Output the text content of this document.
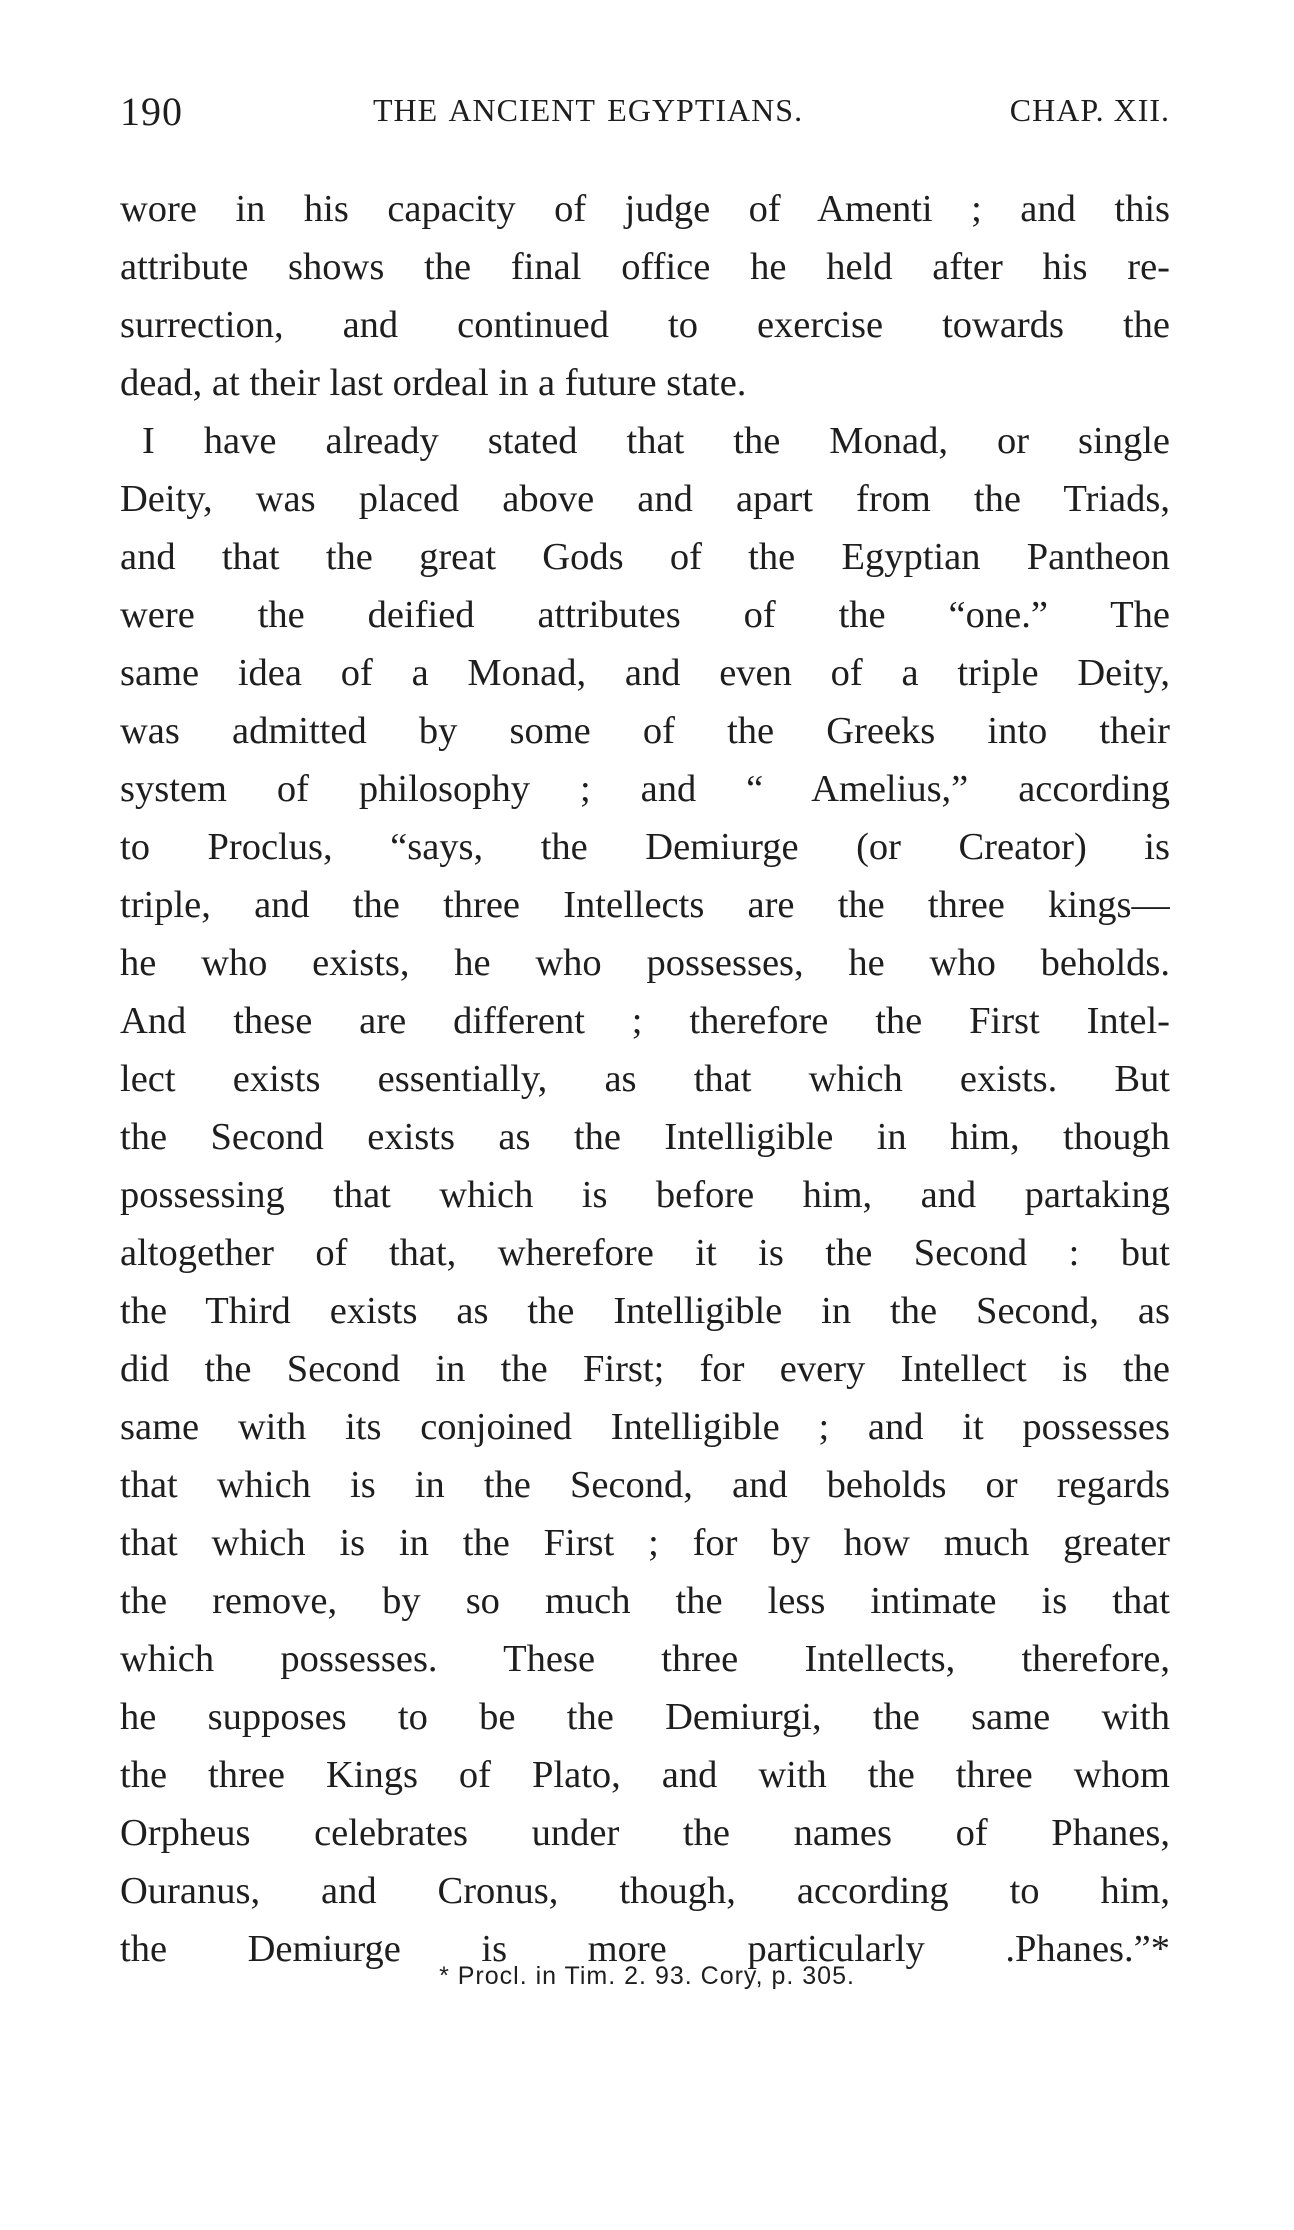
190	THE ANCIENT EGYPTIANS.	CHAP. XII.
wore in his capacity of judge of Amenti ; and this
attribute shows the final office he held after his re-
surrection, and continued to exercise towards the
dead, at their last ordeal in a future state.
I have already stated that the Monad, or single
Deity, was placed above and apart from the Triads,
and that the great Gods of the Egyptian Pantheon
were the deified attributes of the “one.” The
same idea of a Monad, and even of a triple Deity,
was admitted by some of the Greeks into their
system of philosophy ; and “ Amelius,” according
to Proclus, “says, the Demiurge (or Creator) is
triple, and the three Intellects are the three kings—
he who exists, he who possesses, he who beholds.
And these are different ; therefore the First Intel-
lect exists essentially, as that which exists. But
the Second exists as the Intelligible in him, though
possessing that which is before him, and partaking
altogether of that, wherefore it is the Second : but
the Third exists as the Intelligible in the Second, as
did the Second in the First; for every Intellect is the
same with its conjoined Intelligible ; and it possesses
that which is in the Second, and beholds or regards
that which is in the First ; for by how much greater
the remove, by so much the less intimate is that
which possesses. These three Intellects, therefore,
he supposes to be the Demiurgi, the same with
the three Kings of Plato, and with the three whom
Orpheus celebrates under the names of Phanes,
Ouranus, and Cronus, though, according to him,
the Demiurge is more particularly .Phanes.”*
* Procl. in Tim. 2. 93. Cory, p. 305.
